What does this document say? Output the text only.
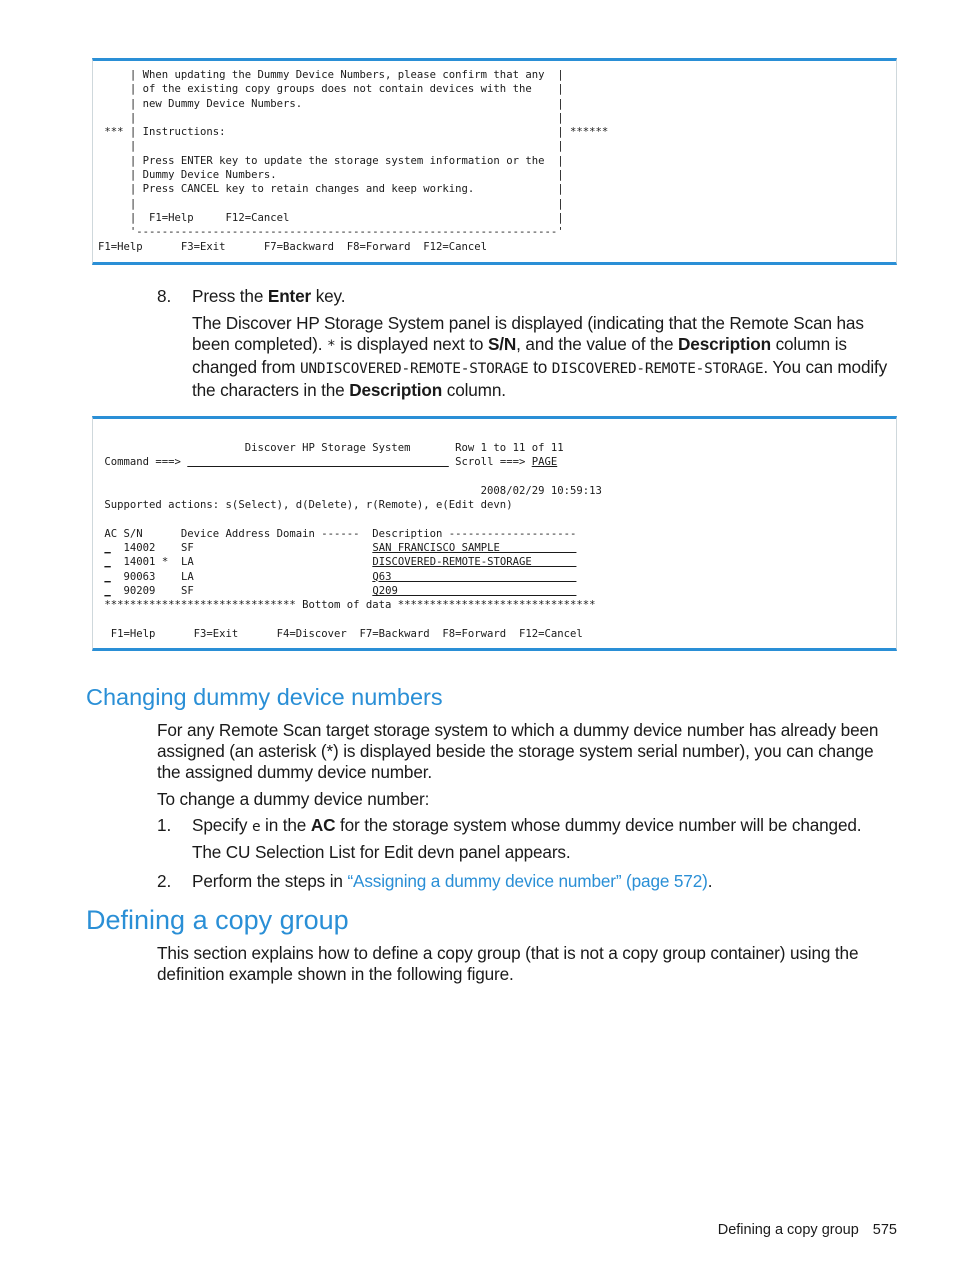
| When updating the Dummy Device Numbers, please confirm that any  |
| of the existing copy groups does not contain devices with the    |
| new Dummy Device Numbers.                                        |
|                                                                  |
*** | Instructions:                                                    | ******
|                                                                  |
| Press ENTER key to update the storage system information or the  |
| Dummy Device Numbers.                                            |
| Press CANCEL key to retain changes and keep working.             |
|                                                                  |
|  F1=Help     F12=Cancel                                          |
'------------------------------------------------------------------'
F1=Help      F3=Exit      F7=Backward  F8=Forward  F12=Cancel
8. Press the Enter key.
The Discover HP Storage System panel is displayed (indicating that the Remote Scan has been completed). * is displayed next to S/N, and the value of the Description column is changed from UNDISCOVERED-REMOTE-STORAGE to DISCOVERED-REMOTE-STORAGE. You can modify the characters in the Description column.
Discover HP Storage System       Row 1 to 11 of 11
Command ===>	Scroll ===> PAGE

2008/02/29 10:59:13
Supported actions: s(Select), d(Delete), r(Remote), e(Edit devn)

AC S/N      Device Address Domain ------  Description --------------------
_ 14002 SF                            SAN FRANCISCO SAMPLE
_ 14001 * LA                            DISCOVERED-REMOTE-STORAGE
_ 90063 LA                            Q63
_ 90209 SF                            Q209
****************************** Bottom of data *******************************

F1=Help      F3=Exit      F4=Discover  F7=Backward  F8=Forward  F12=Cancel
Changing dummy device numbers
For any Remote Scan target storage system to which a dummy device number has already been assigned (an asterisk (*) is displayed beside the storage system serial number), you can change the assigned dummy device number.
To change a dummy device number:
1. Specify e in the AC for the storage system whose dummy device number will be changed.
The CU Selection List for Edit devn panel appears.
2. Perform the steps in “Assigning a dummy device number” (page 572).
Defining a copy group
This section explains how to define a copy group (that is not a copy group container) using the definition example shown in the following figure.
Defining a copy group 575
